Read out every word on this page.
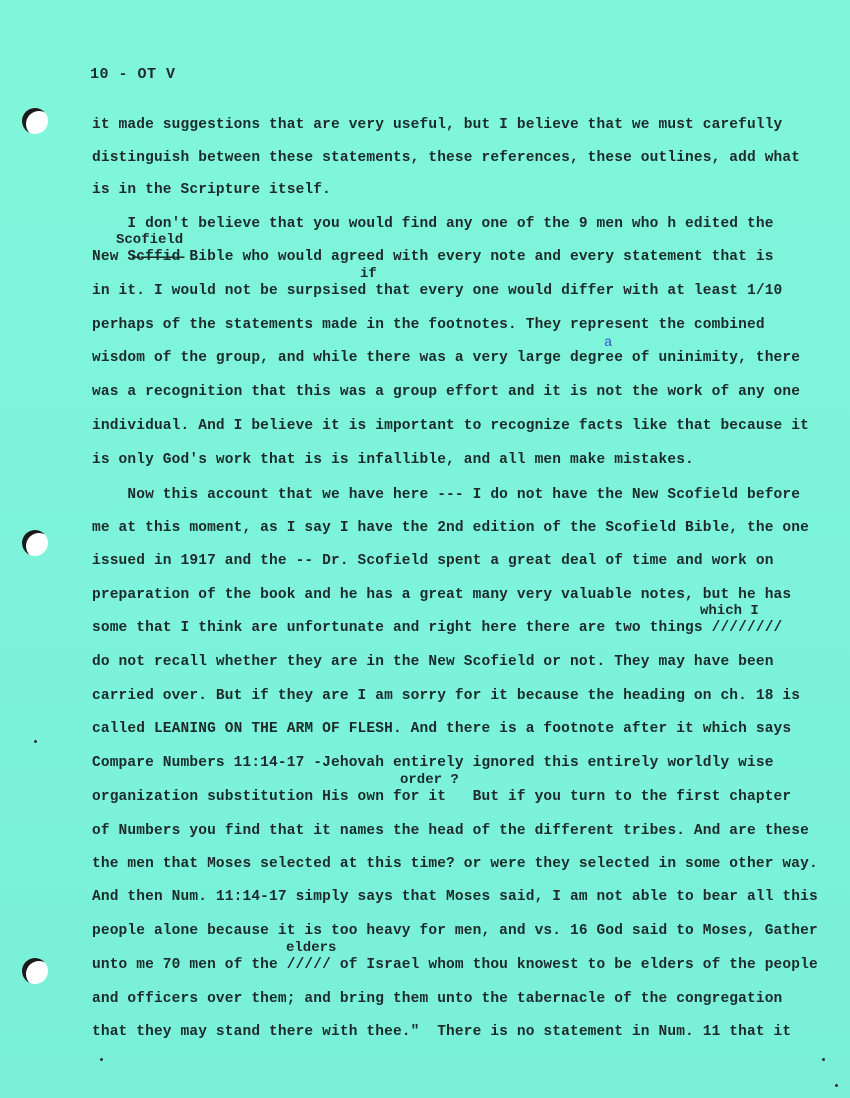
10 - OT V
it made suggestions that are very useful, but I believe that we must carefully
distinguish between these statements, these references, these outlines, add what
is in the Scripture itself.
I don't believe that you would find any one of the 9 men who h edited the
Scofield
New S̶c̶f̶f̶i̶d̶ Bible who would agreed with every note and every statement that is
if
in it. I would not be surpsised that every one would differ with at least 1/10
perhaps of the statements made in the footnotes. They represent the combined
a
wisdom of the group, and while there was a very large degree of uninimity, there
was a recognition that this was a group effort and it is not the work of any one
individual. And I believe it is important to recognize facts like that because it
is only God's work that is is infallible, and all men make mistakes.
Now this account that we have here --- I do not have the New Scofield before
me at this moment, as I say I have the 2nd edition of the Scofield Bible, the one
issued in 1917 and the -- Dr. Scofield spent a great deal of time and work on
preparation of the book and he has a great many very valuable notes, but he has
which I
some that I think are unfortunate and right here there are two things ////////
do not recall whether they are in the New Scofield or not. They may have been
carried over. But if they are I am sorry for it because the heading on ch. 18 is
called LEANING ON THE ARM OF FLESH. And there is a footnote after it which says
Compare Numbers 11:14-17 -Jehovah entirely ignored this entirely worldly wise
order ?
organization substitution His own for it   But if you turn to the first chapter
of Numbers you find that it names the head of the different tribes. And are these
the men that Moses selected at this time? or were they selected in some other way.
And then Num. 11:14-17 simply says that Moses said, I am not able to bear all this
people alone because it is too heavy for men, and vs. 16 God said to Moses, Gather
elders
unto me 70 men of the ///// of Israel whom thou knowest to be elders of the people
and officers over them; and bring them unto the tabernacle of the congregation
that they may stand there with thee."  There is no statement in Num. 11 that it
